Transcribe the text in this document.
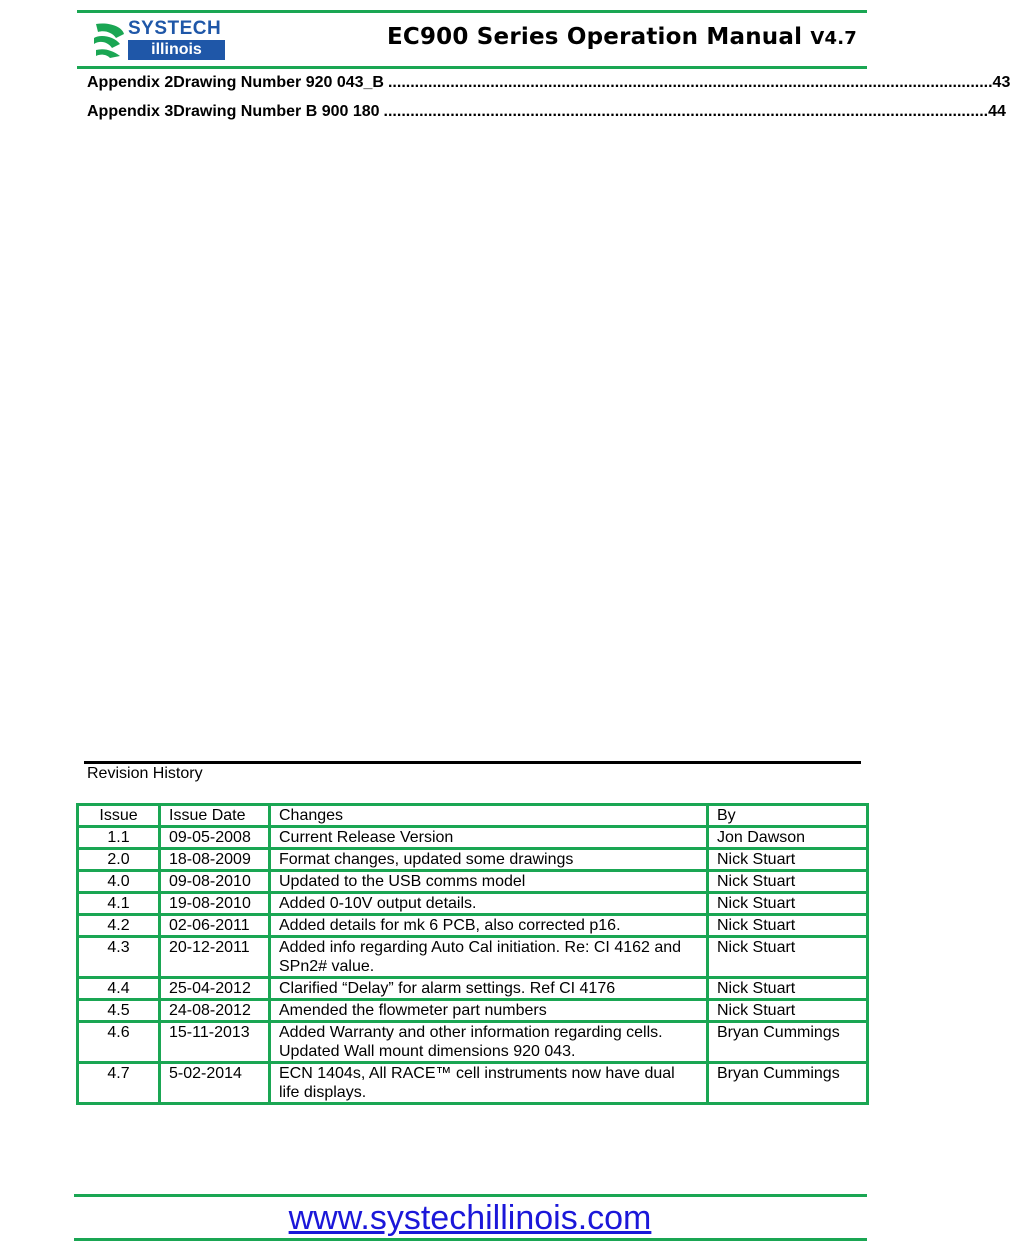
SYSTECH
illinois	EC900 Series Operation Manual V4.7
Appendix 2 Drawing Number 920 043_B ........................................................................................................................................ 43
Appendix 3 Drawing Number B 900 180 ........................................................................................................................................ 44
Revision History
Issue	Issue Date	Changes	By
1.1	09-05-2008	Current Release Version	Jon Dawson
2.0	18-08-2009	Format changes, updated some drawings	Nick Stuart
4.0	09-08-2010	Updated to the USB comms model	Nick Stuart
4.1	19-08-2010	Added 0-10V output details.	Nick Stuart
4.2	02-06-2011	Added details for mk 6 PCB, also corrected p16.	Nick Stuart
4.3	20-12-2011	Added info regarding Auto Cal initiation. Re: CI 4162 and SPn2# value.	Nick Stuart
4.4	25-04-2012	Clarified “Delay” for alarm settings. Ref CI 4176	Nick Stuart
4.5	24-08-2012	Amended the flowmeter part numbers	Nick Stuart
4.6	15-11-2013	Added Warranty and other information regarding cells. Updated Wall mount dimensions 920 043.	Bryan Cummings
4.7	5-02-2014	ECN 1404s, All RACE™ cell instruments now have dual life displays.	Bryan Cummings
www.systechillinois.com
